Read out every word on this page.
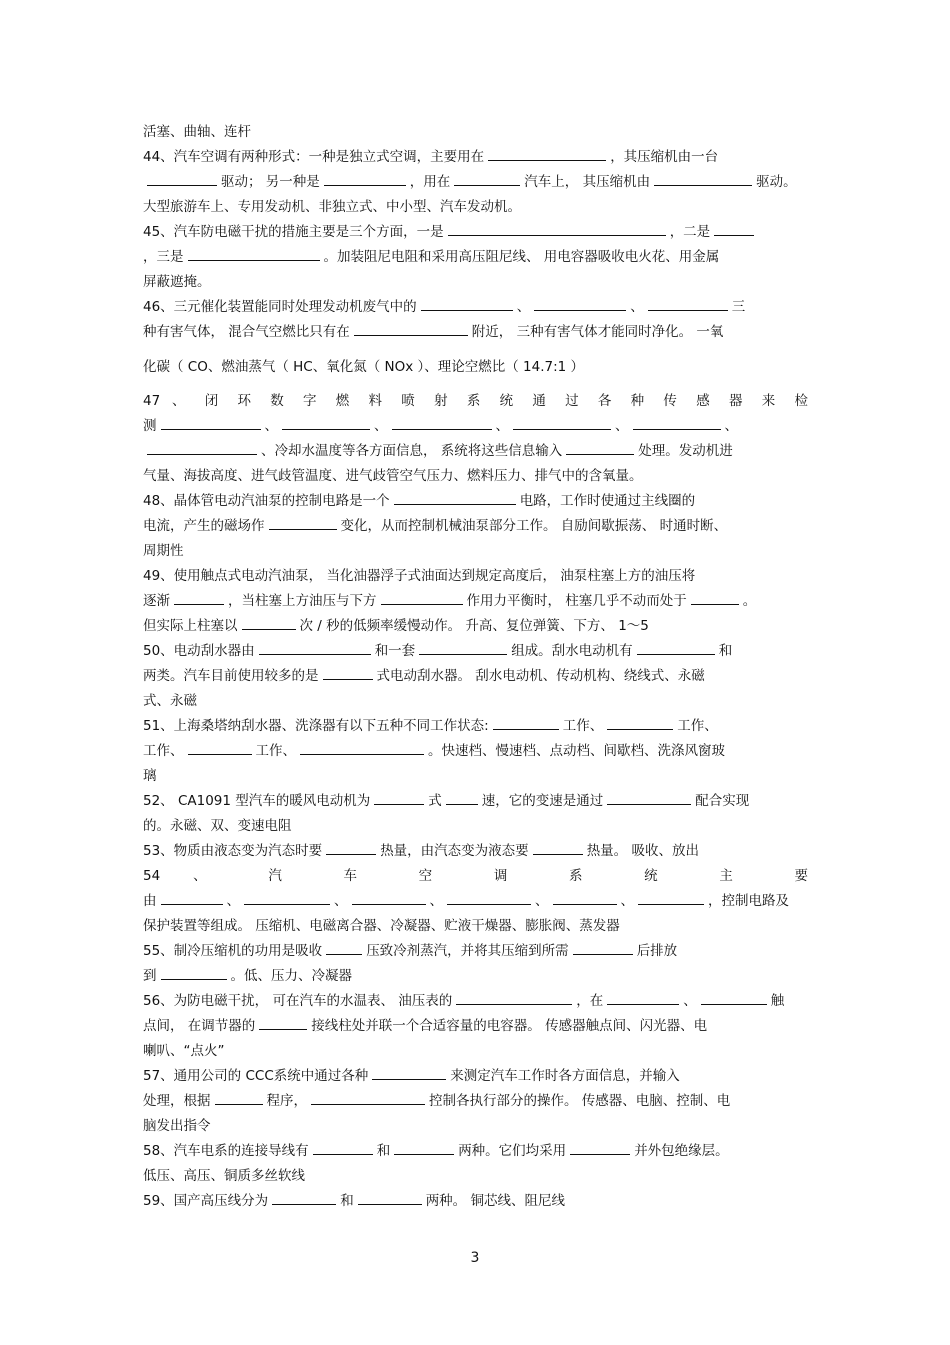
活塞、曲轴、连杆
44、汽车空调有两种形式：一种是独立式空调，主要用在	，其压缩机由一台
驱动； 另一种是	，用在	汽车上， 其压缩机由	驱动。
大型旅游车上、专用发动机、非独立式、中小型、汽车发动机。
45、汽车防电磁干扰的措施主要是三个方面，一是	，二是
，三是	。加装阻尼电阻和采用高压阻尼线、 用电容器吸收电火花、用金属
屏蔽遮掩。
46、三元催化装置能同时处理发动机废气中的	、	、	三
种有害气体， 混合气空燃比只有在	附近， 三种有害气体才能同时净化。 一氧
化碳（ CO、燃油蒸气（ HC、氧化氮（ NOx ）、理论空燃比（ 14.7:1 ）
47 、 闭 环 数 字 燃 料 喷 射 系 统 通 过 各 种 传 感 器 来 检
测	、	、	、	、	、
、冷却水温度等各方面信息， 系统将这些信息输入	处理。发动机进
气量、海拔高度、进气歧管温度、进气歧管空气压力、燃料压力、排气中的含氧量。
48、晶体管电动汽油泵的控制电路是一个	电路，工作时使通过主线圈的
电流，产生的磁场作	变化，从而控制机械油泵部分工作。 自励间歇振荡、 时通时断、
周期性
49、使用触点式电动汽油泵， 当化油器浮子式油面达到规定高度后， 油泵柱塞上方的油压将
逐渐	，当柱塞上方油压与下方	作用力平衡时， 柱塞几乎不动而处于	。
但实际上柱塞以	次 / 秒的低频率缓慢动作。 升高、复位弹簧、下方、 1～5
50、电动刮水器由	和一套	组成。刮水电动机有	和
两类。汽车目前使用较多的是	式电动刮水器。 刮水电动机、传动机构、绕线式、永磁
式、永磁
51、上海桑塔纳刮水器、洗涤器有以下五种不同工作状态:	工作、	工作、
工作、	工作、	。快速档、慢速档、点动档、间歇档、洗涤风窗玻
璃
52、 CA1091 型汽车的暖风电动机为	式	速，它的变速是通过	配合实现
的。永磁、双、变速电阻
53、物质由液态变为汽态时要	热量，由汽态变为液态要	热量。 吸收、放出
54 、 汽 车 空 调 系 统 主 要
由	、	、	、	、	、	，控制电路及
保护装置等组成。 压缩机、电磁离合器、冷凝器、贮液干燥器、膨胀阀、蒸发器
55、制冷压缩机的功用是吸收	压致冷剂蒸汽，并将其压缩到所需	后排放
到	。低、压力、冷凝器
56、为防电磁干扰， 可在汽车的水温表、 油压表的	，在	、	触
点间， 在调节器的	接线柱处并联一个合适容量的电容器。 传感器触点间、闪光器、电
喇叭、“点火”
57、通用公司的 CCC系统中通过各种	来测定汽车工作时各方面信息，并输入
处理，根据	程序，	控制各执行部分的操作。 传感器、电脑、控制、电
脑发出指令
58、汽车电系的连接导线有	和	两种。它们均采用	并外包绝缘层。
低压、高压、铜质多丝软线
59、国产高压线分为	和	两种。 铜芯线、阻尼线
3
